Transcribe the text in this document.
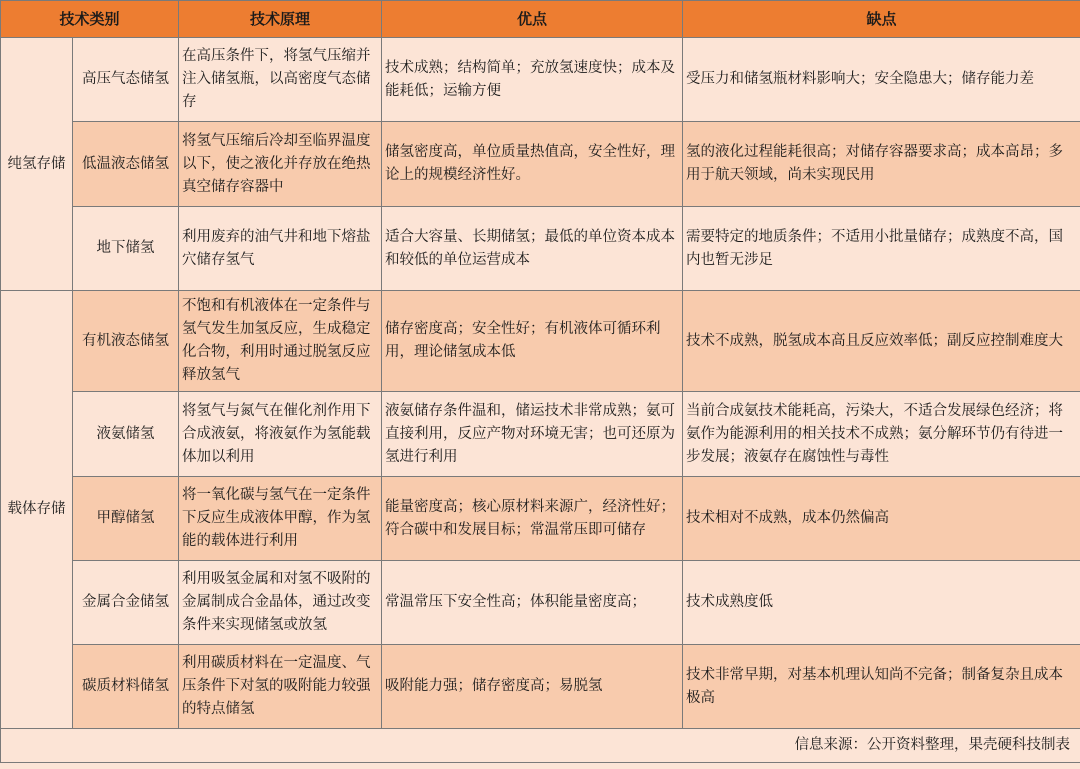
技术类别		技术原理	优点	缺点
纯氢存储	高压气态储氢	在高压条件下，将氢气压缩并注入储氢瓶，以高密度气态储存	技术成熟；结构简单；充放氢速度快；成本及能耗低；运输方便	受压力和储氢瓶材料影响大；安全隐患大；储存能力差
	低温液态储氢	将氢气压缩后冷却至临界温度以下，使之液化并存放在绝热真空储存容器中	储氢密度高，单位质量热值高，安全性好，理论上的规模经济性好。	氢的液化过程能耗很高；对储存容器要求高；成本高昂；多用于航天领域，尚未实现民用
	地下储氢	利用废弃的油气井和地下熔盐穴储存氢气	适合大容量、长期储氢；最低的单位资本成本和较低的单位运营成本	需要特定的地质条件；不适用小批量储存；成熟度不高，国内也暂无涉足
载体存储	有机液态储氢	不饱和有机液体在一定条件与氢气发生加氢反应，生成稳定化合物，利用时通过脱氢反应释放氢气	储存密度高；安全性好；有机液体可循环利用，理论储氢成本低	技术不成熟，脱氢成本高且反应效率低；副反应控制难度大
	液氨储氢	将氢气与氮气在催化剂作用下合成液氨，将液氨作为氢能载体加以利用	液氨储存条件温和，储运技术非常成熟；氨可直接利用，反应产物对环境无害；也可还原为氢进行利用	当前合成氨技术能耗高，污染大，不适合发展绿色经济；将氨作为能源利用的相关技术不成熟；氨分解环节仍有待进一步发展；液氨存在腐蚀性与毒性
	甲醇储氢	将一氧化碳与氢气在一定条件下反应生成液体甲醇，作为氢能的载体进行利用	能量密度高；核心原材料来源广，经济性好；符合碳中和发展目标；常温常压即可储存	技术相对不成熟，成本仍然偏高
	金属合金储氢	利用吸氢金属和对氢不吸附的金属制成合金晶体，通过改变条件来实现储氢或放氢	常温常压下安全性高；体积能量密度高；	技术成熟度低
	碳质材料储氢	利用碳质材料在一定温度、气压条件下对氢的吸附能力较强的特点储氢	吸附能力强；储存密度高；易脱氢	技术非常早期，对基本机理认知尚不完备；制备复杂且成本极高
信息来源：公开资料整理，果壳硬科技制表				
